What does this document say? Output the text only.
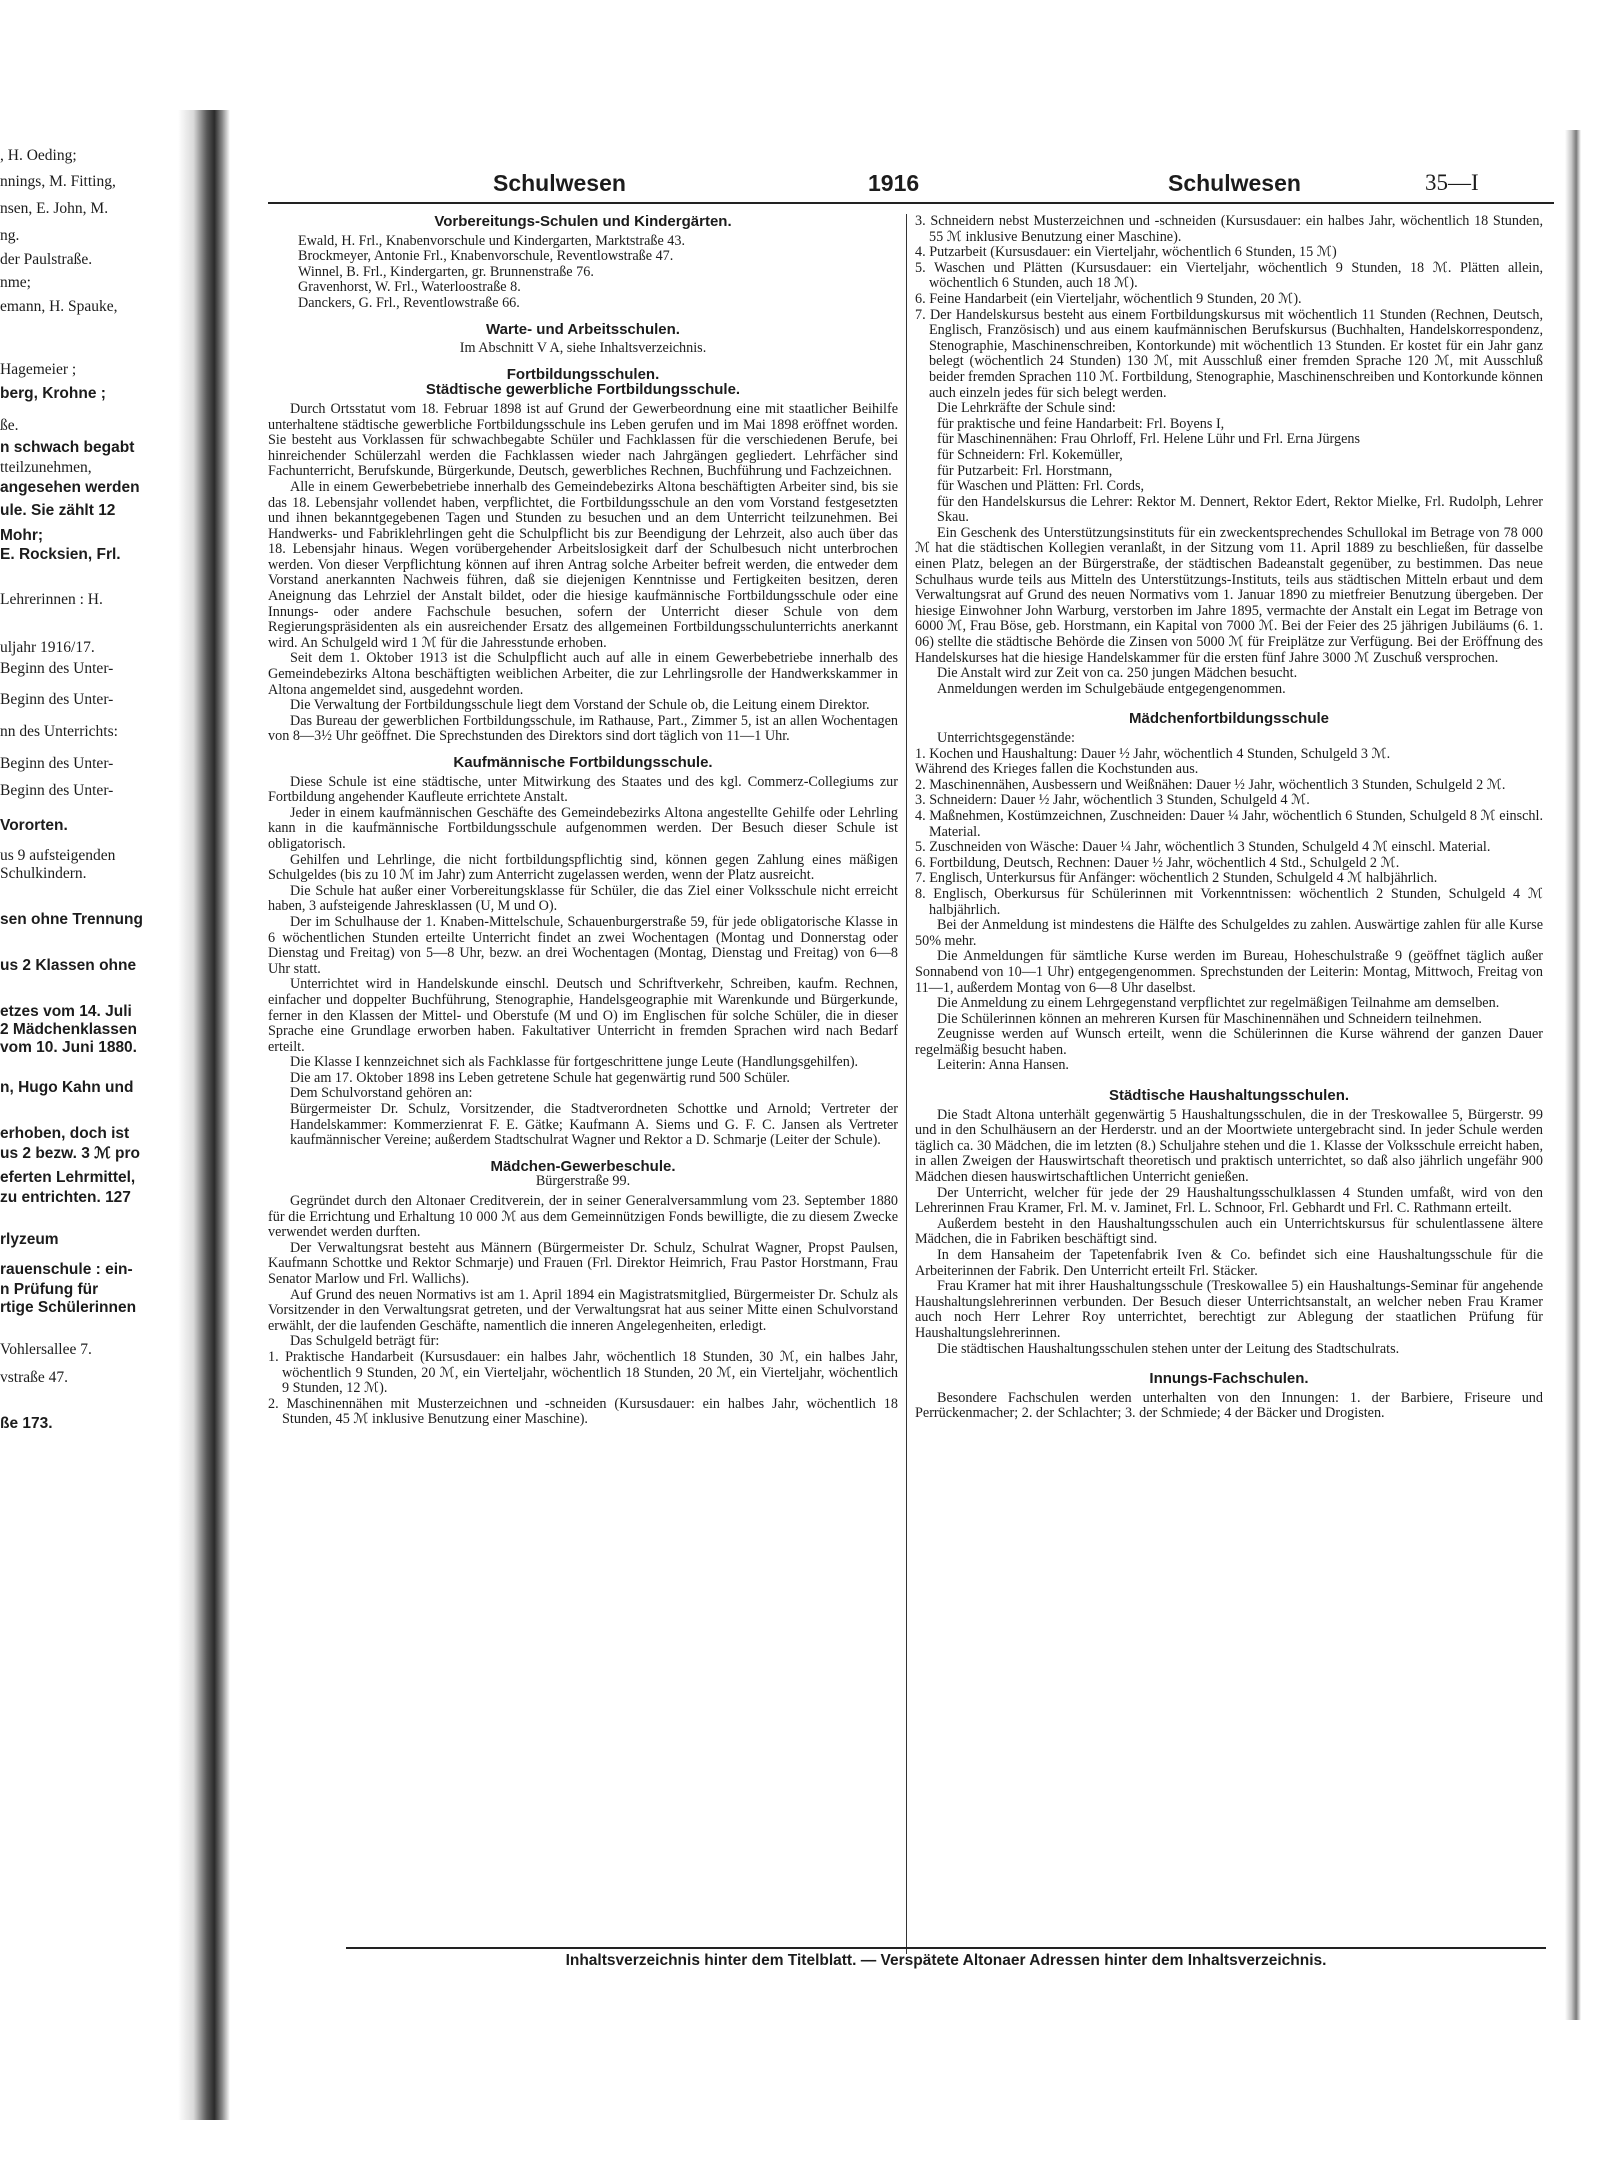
, H. Oeding;
nnings, M. Fitting,
nsen, E. John, M.
ng.
der Paulstraße.
nme;
emann, H. Spauke,
Hagemeier ;
berg, Krohne ;
ße.
n schwach begabt
tteilzunehmen,
angesehen werden
ule. Sie zählt 12
Mohr;
E. Rocksien, Frl.
Lehrerinnen : H.
uljahr 1916/17.
Beginn des Unter-
Beginn des Unter-
nn des Unterrichts:
Beginn des Unter-
Beginn des Unter-
Vororten.
us 9 aufsteigenden
Schulkindern.
sen ohne Trennung
us 2 Klassen ohne
etzes vom 14. Juli
2 Mädchenklassen
vom 10. Juni 1880.
n, Hugo Kahn und
erhoben, doch ist
us 2 bezw. 3 ℳ pro
eferten Lehrmittel,
zu entrichten. 127
rlyzeum
rauenschule : ein-
n Prüfung für
rtige Schülerinnen
Vohlersallee 7.
vstraße 47.
ße 173.
Schulwesen	1916	Schulwesen	35—I
Vorbereitungs-Schulen und Kindergärten.
Ewald, H. Frl., Knabenvorschule und Kindergarten, Marktstraße 43.
Brockmeyer, Antonie Frl., Knabenvorschule, Reventlowstraße 47.
Winnel, B. Frl., Kindergarten, gr. Brunnenstraße 76.
Gravenhorst, W. Frl., Waterloostraße 8.
Danckers, G. Frl., Reventlowstraße 66.
Warte- und Arbeitsschulen.
Im Abschnitt V A, siehe Inhaltsverzeichnis.
Fortbildungsschulen.
Städtische gewerbliche Fortbildungsschule.

Durch Ortsstatut vom 18. Februar 1898 ist auf Grund der Gewerbeordnung eine mit staatlicher Beihilfe unterhaltene städtische gewerbliche Fortbildungsschule ins Leben gerufen und im Mai 1898 eröffnet worden. Sie besteht aus Vorklassen für schwachbegabte Schüler und Fachklassen für die verschiedenen Berufe, bei hinreichender Schülerzahl werden die Fachklassen wieder nach Jahrgängen gegliedert. Lehrfächer sind Fachunterricht, Berufskunde, Bürgerkunde, Deutsch, gewerbliches Rechnen, Buchführung und Fachzeichnen.

Alle in einem Gewerbebetriebe innerhalb des Gemeindebezirks Altona beschäftigten Arbeiter sind, bis sie das 18. Lebensjahr vollendet haben, verpflichtet, die Fortbildungsschule an den vom Vorstand festgesetzten und ihnen bekanntgegebenen Tagen und Stunden zu besuchen und an dem Unterricht teilzunehmen. Bei Handwerks- und Fabriklehrlingen geht die Schulpflicht bis zur Beendigung der Lehrzeit, also auch über das 18. Lebensjahr hinaus. Wegen vorübergehender Arbeitslosigkeit darf der Schulbesuch nicht unterbrochen werden. Von dieser Verpflichtung können auf ihren Antrag solche Arbeiter befreit werden, die entweder dem Vorstand anerkannten Nachweis führen, daß sie diejenigen Kenntnisse und Fertigkeiten besitzen, deren Aneignung das Lehrziel der Anstalt bildet, oder die hiesige kaufmännische Fortbildungsschule oder eine Innungs- oder andere Fachschule besuchen, sofern der Unterricht dieser Schule von dem Regierungspräsidenten als ein ausreichender Ersatz des allgemeinen Fortbildungsschulunterrichts anerkannt wird. An Schulgeld wird 1 ℳ für die Jahresstunde erhoben.

Seit dem 1. Oktober 1913 ist die Schulpflicht auch auf alle in einem Gewerbebetriebe innerhalb des Gemeindebezirks Altona beschäftigten weiblichen Arbeiter, die zur Lehrlingsrolle der Handwerkskammer in Altona angemeldet sind, ausgedehnt worden.

Die Verwaltung der Fortbildungsschule liegt dem Vorstand der Schule ob, die Leitung einem Direktor.

Das Bureau der gewerblichen Fortbildungsschule, im Rathause, Part., Zimmer 5, ist an allen Wochentagen von 8—3½ Uhr geöffnet. Die Sprechstunden des Direktors sind dort täglich von 11—1 Uhr.

Kaufmännische Fortbildungsschule.

Diese Schule ist eine städtische, unter Mitwirkung des Staates und des kgl. Commerz-Collegiums zur Fortbildung angehender Kaufleute errichtete Anstalt.

Jeder in einem kaufmännischen Geschäfte des Gemeindebezirks Altona angestellte Gehilfe oder Lehrling kann in die kaufmännische Fortbildungsschule aufgenommen werden. Der Besuch dieser Schule ist obligatorisch.

Gehilfen und Lehrlinge, die nicht fortbildungspflichtig sind, können gegen Zahlung eines mäßigen Schulgeldes (bis zu 10 ℳ im Jahr) zum Anterricht zugelassen werden, wenn der Platz ausreicht.

Die Schule hat außer einer Vorbereitungsklasse für Schüler, die das Ziel einer Volksschule nicht erreicht haben, 3 aufsteigende Jahresklassen (U, M und O).

Der im Schulhause der 1. Knaben-Mittelschule, Schauenburgerstraße 59, für jede obligatorische Klasse in 6 wöchentlichen Stunden erteilte Unterricht findet an zwei Wochentagen (Montag und Donnerstag oder Dienstag und Freitag) von 5—8 Uhr, bezw. an drei Wochentagen (Montag, Dienstag und Freitag) von 6—8 Uhr statt.

Unterrichtet wird in Handelskunde einschl. Deutsch und Schriftverkehr, Schreiben, kaufm. Rechnen, einfacher und doppelter Buchführung, Stenographie, Handelsgeographie mit Warenkunde und Bürgerkunde, ferner in den Klassen der Mittel- und Oberstufe (M und O) im Englischen für solche Schüler, die in dieser Sprache eine Grundlage erworben haben. Fakultativer Unterricht in fremden Sprachen wird nach Bedarf erteilt.

Die Klasse I kennzeichnet sich als Fachklasse für fortgeschrittene junge Leute (Handlungsgehilfen).

Die am 17. Oktober 1898 ins Leben getretene Schule hat gegenwärtig rund 500 Schüler.

Dem Schulvorstand gehören an:

Bürgermeister Dr. Schulz, Vorsitzender, die Stadtverordneten Schottke und Arnold; Vertreter der Handelskammer: Kommerzienrat F. E. Gätke; Kaufmann A. Siems und G. F. C. Jansen als Vertreter kaufmännischer Vereine; außerdem Stadtschulrat Wagner und Rektor a D. Schmarje (Leiter der Schule).

Mädchen-Gewerbeschule.
Bürgerstraße 99.

Gegründet durch den Altonaer Creditverein, der in seiner Generalversammlung vom 23. September 1880 für die Errichtung und Erhaltung 10 000 ℳ aus dem Gemeinnützigen Fonds bewilligte, die zu diesem Zwecke verwendet werden durften.

Der Verwaltungsrat besteht aus Männern (Bürgermeister Dr. Schulz, Schulrat Wagner, Propst Paulsen, Kaufmann Schottke und Rektor Schmarje) und Frauen (Frl. Direktor Heimrich, Frau Pastor Horstmann, Frau Senator Marlow und Frl. Wallichs).

Auf Grund des neuen Normativs ist am 1. April 1894 ein Magistratsmitglied, Bürgermeister Dr. Schulz als Vorsitzender in den Verwaltungsrat getreten, und der Verwaltungsrat hat aus seiner Mitte einen Schulvorstand erwählt, der die laufenden Geschäfte, namentlich die inneren Angelegenheiten, erledigt.

Das Schulgeld beträgt für:

1. Praktische Handarbeit (Kursusdauer: ein halbes Jahr, wöchentlich 18 Stunden, 30 ℳ, ein halbes Jahr, wöchentlich 9 Stunden, 20 ℳ, ein Vierteljahr, wöchentlich 18 Stunden, 20 ℳ, ein Vierteljahr, wöchentlich 9 Stunden, 12 ℳ).
2. Maschinennähen mit Musterzeichnen und -schneiden (Kursusdauer: ein halbes Jahr, wöchentlich 18 Stunden, 45 ℳ inklusive Benutzung einer Maschine).
3. Schneidern nebst Musterzeichnen und -schneiden (Kursusdauer: ein halbes Jahr, wöchentlich 18 Stunden, 55 ℳ inklusive Benutzung einer Maschine).
4. Putzarbeit (Kursusdauer: ein Vierteljahr, wöchentlich 6 Stunden, 15 ℳ)
5. Waschen und Plätten (Kursusdauer: ein Vierteljahr, wöchentlich 9 Stunden, 18 ℳ. Plätten allein, wöchentlich 6 Stunden, auch 18 ℳ).
6. Feine Handarbeit (ein Vierteljahr, wöchentlich 9 Stunden, 20 ℳ).
7. Der Handelskursus besteht aus einem Fortbildungskursus mit wöchentlich 11 Stunden (Rechnen, Deutsch, Englisch, Französisch) und aus einem kaufmännischen Berufskursus (Buchhalten, Handelskorrespondenz, Stenographie, Maschinenschreiben, Kontorkunde) mit wöchentlich 13 Stunden. Er kostet für ein Jahr ganz belegt (wöchentlich 24 Stunden) 130 ℳ, mit Ausschluß einer fremden Sprache 120 ℳ, mit Ausschluß beider fremden Sprachen 110 ℳ. Fortbildung, Stenographie, Maschinenschreiben und Kontorkunde können auch einzeln jedes für sich belegt werden.

Die Lehrkräfte der Schule sind:

für praktische und feine Handarbeit: Frl. Boyens I,
für Maschinennähen: Frau Ohrloff, Frl. Helene Lühr und Frl. Erna Jürgens
für Schneidern: Frl. Kokemüller,
für Putzarbeit: Frl. Horstmann,
für Waschen und Plätten: Frl. Cords,
für den Handelskursus die Lehrer: Rektor M. Dennert, Rektor Edert, Rektor Mielke, Frl. Rudolph, Lehrer Skau.

Ein Geschenk des Unterstützungsinstituts für ein zweckentsprechendes Schullokal im Betrage von 78 000 ℳ hat die städtischen Kollegien veranlaßt, in der Sitzung vom 11. April 1889 zu beschließen, für dasselbe einen Platz, belegen an der Bürgerstraße, der städtischen Badeanstalt gegenüber, zu bestimmen. Das neue Schulhaus wurde teils aus Mitteln des Unterstützungs-Instituts, teils aus städtischen Mitteln erbaut und dem Verwaltungsrat auf Grund des neuen Normativs vom 1. Januar 1890 zu mietfreier Benutzung übergeben. Der hiesige Einwohner John Warburg, verstorben im Jahre 1895, vermachte der Anstalt ein Legat im Betrage von 6000 ℳ, Frau Böse, geb. Horstmann, ein Kapital von 7000 ℳ. Bei der Feier des 25 jährigen Jubiläums (6. 1. 06) stellte die städtische Behörde die Zinsen von 5000 ℳ für Freiplätze zur Verfügung. Bei der Eröffnung des Handelskurses hat die hiesige Handelskammer für die ersten fünf Jahre 3000 ℳ Zuschuß versprochen.

Die Anstalt wird zur Zeit von ca. 250 jungen Mädchen besucht.

Anmeldungen werden im Schulgebäude entgegengenommen.

Mädchenfortbildungsschule

Unterrichtsgegenstände:

1. Kochen und Haushaltung: Dauer ½ Jahr, wöchentlich 4 Stunden, Schulgeld 3 ℳ.
Während des Krieges fallen die Kochstunden aus.
2. Maschinennähen, Ausbessern und Weißnähen: Dauer ½ Jahr, wöchentlich 3 Stunden, Schulgeld 2 ℳ.
3. Schneidern: Dauer ½ Jahr, wöchentlich 3 Stunden, Schulgeld 4 ℳ.
4. Maßnehmen, Kostümzeichnen, Zuschneiden: Dauer ¼ Jahr, wöchentlich 6 Stunden, Schulgeld 8 ℳ einschl. Material.
5. Zuschneiden von Wäsche: Dauer ¼ Jahr, wöchentlich 3 Stunden, Schulgeld 4 ℳ einschl. Material.
6. Fortbildung, Deutsch, Rechnen: Dauer ½ Jahr, wöchentlich 4 Std., Schulgeld 2 ℳ.
7. Englisch, Unterkursus für Anfänger: wöchentlich 2 Stunden, Schulgeld 4 ℳ halbjährlich.
8. Englisch, Oberkursus für Schülerinnen mit Vorkenntnissen: wöchentlich 2 Stunden, Schulgeld 4 ℳ halbjährlich.

Bei der Anmeldung ist mindestens die Hälfte des Schulgeldes zu zahlen. Auswärtige zahlen für alle Kurse 50% mehr.

Die Anmeldungen für sämtliche Kurse werden im Bureau, Hoheschulstraße 9 (geöffnet täglich außer Sonnabend von 10—1 Uhr) entgegengenommen. Sprechstunden der Leiterin: Montag, Mittwoch, Freitag von 11—1, außerdem Montag von 6—8 Uhr daselbst.

Die Anmeldung zu einem Lehrgegenstand verpflichtet zur regelmäßigen Teilnahme am demselben.

Die Schülerinnen können an mehreren Kursen für Maschinennähen und Schneidern teilnehmen.

Zeugnisse werden auf Wunsch erteilt, wenn die Schülerinnen die Kurse während der ganzen Dauer regelmäßig besucht haben.

Leiterin: Anna Hansen.

Städtische Haushaltungsschulen.

Die Stadt Altona unterhält gegenwärtig 5 Haushaltungsschulen, die in der Treskowallee 5, Bürgerstr. 99 und in den Schulhäusern an der Herderstr. und an der Moortwiete untergebracht sind. In jeder Schule werden täglich ca. 30 Mädchen, die im letzten (8.) Schuljahre stehen und die 1. Klasse der Volksschule erreicht haben, in allen Zweigen der Hauswirtschaft theoretisch und praktisch unterrichtet, so daß also jährlich ungefähr 900 Mädchen diesen hauswirtschaftlichen Unterricht genießen.

Der Unterricht, welcher für jede der 29 Haushaltungsschulklassen 4 Stunden umfaßt, wird von den Lehrerinnen Frau Kramer, Frl. M. v. Jaminet, Frl. L. Schnoor, Frl. Gebhardt und Frl. C. Rathmann erteilt.

Außerdem besteht in den Haushaltungsschulen auch ein Unterrichtskursus für schulentlassene ältere Mädchen, die in Fabriken beschäftigt sind.

In dem Hansaheim der Tapetenfabrik Iven & Co. befindet sich eine Haushaltungsschule für die Arbeiterinnen der Fabrik. Den Unterricht erteilt Frl. Stäcker.

Frau Kramer hat mit ihrer Haushaltungsschule (Treskowallee 5) ein Haushaltungs-Seminar für angehende Haushaltungslehrerinnen verbunden. Der Besuch dieser Unterrichtsanstalt, an welcher neben Frau Kramer auch noch Herr Lehrer Roy unterrichtet, berechtigt zur Ablegung der staatlichen Prüfung für Haushaltungslehrerinnen.

Die städtischen Haushaltungsschulen stehen unter der Leitung des Stadtschulrats.

Innungs-Fachschulen.

Besondere Fachschulen werden unterhalten von den Innungen: 1. der Barbiere, Friseure und Perrückenmacher; 2. der Schlachter; 3. der Schmiede; 4 der Bäcker und Drogisten.

Inhaltsverzeichnis hinter dem Titelblatt. — Verspätete Altonaer Adressen hinter dem Inhaltsverzeichnis.
